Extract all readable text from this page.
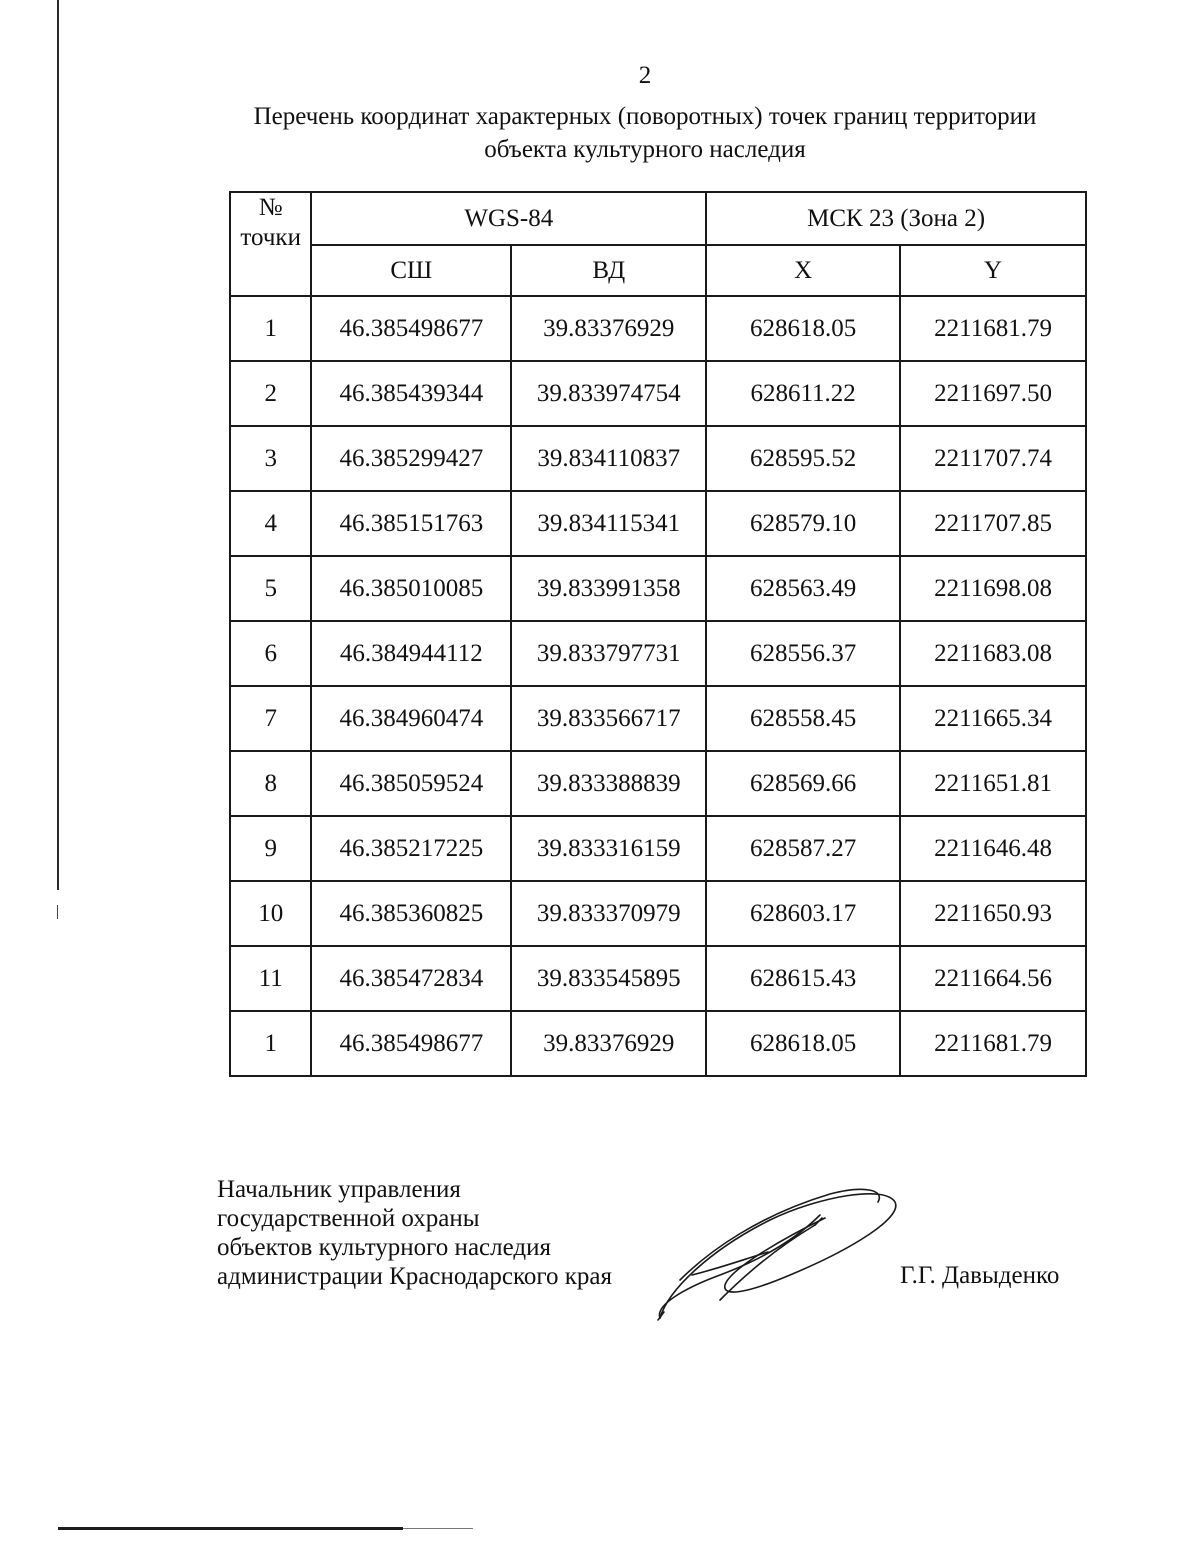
2
Перечень координат характерных (поворотных) точек границ территории
объекта культурного наследия
№
точки	WGS-84		МСК 23 (Зона 2)	
	СШ	ВД	X	Y
1	46.385498677	39.83376929	628618.05	2211681.79
2	46.385439344	39.833974754	628611.22	2211697.50
3	46.385299427	39.834110837	628595.52	2211707.74
4	46.385151763	39.834115341	628579.10	2211707.85
5	46.385010085	39.833991358	628563.49	2211698.08
6	46.384944112	39.833797731	628556.37	2211683.08
7	46.384960474	39.833566717	628558.45	2211665.34
8	46.385059524	39.833388839	628569.66	2211651.81
9	46.385217225	39.833316159	628587.27	2211646.48
10	46.385360825	39.833370979	628603.17	2211650.93
11	46.385472834	39.833545895	628615.43	2211664.56
1	46.385498677	39.83376929	628618.05	2211681.79
Начальник управления
государственной охраны
объектов культурного наследия
администрации Краснодарского края	Г.Г. Давыденко
